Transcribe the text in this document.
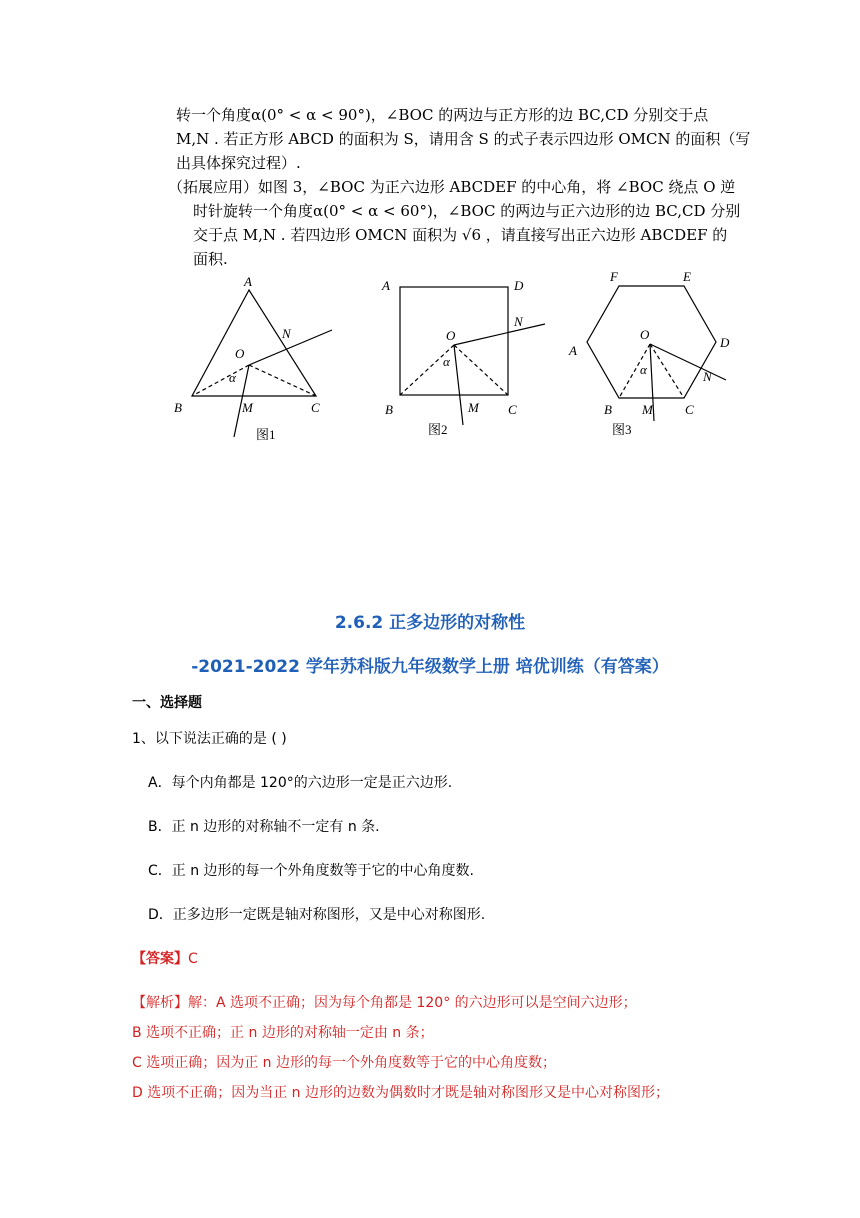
转一个角度α(0° < α < 90°)，∠BOC 的两边与正方形的边 BC,CD 分别交于点
M,N . 若正方形 ABCD 的面积为 S，请用含 S 的式子表示四边形 OMCN 的面积（写
出具体探究过程）.
（拓展应用）如图 3，∠BOC 为正六边形 ABCDEF 的中心角，将 ∠BOC 绕点 O 逆
时针旋转一个角度α(0° < α < 60°)，∠BOC 的两边与正六边形的边 BC,CD 分别
交于点 M,N . 若四边形 OMCN 面积为 √6 ，请直接写出正六边形 ABCDEF 的
面积.
A
B	C
O
N
M
α
图1
A	D
B	C
O
N
M
α
图2
F	E
A
D
B	C
O
N
M
α
图3
2.6.2 正多边形的对称性
-2021-2022 学年苏科版九年级数学上册 培优训练（有答案）
一、选择题
1、以下说法正确的是 ( )
A．每个内角都是 120°的六边形一定是正六边形.
B．正 n 边形的对称轴不一定有 n 条.
C．正 n 边形的每一个外角度数等于它的中心角度数.
D．正多边形一定既是轴对称图形，又是中心对称图形.
【答案】C
【解析】解：A 选项不正确；因为每个角都是 120° 的六边形可以是空间六边形；
B 选项不正确；正 n 边形的对称轴一定由 n 条；
C 选项正确；因为正 n 边形的每一个外角度数等于它的中心角度数；
D 选项不正确；因为当正 n 边形的边数为偶数时才既是轴对称图形又是中心对称图形；
